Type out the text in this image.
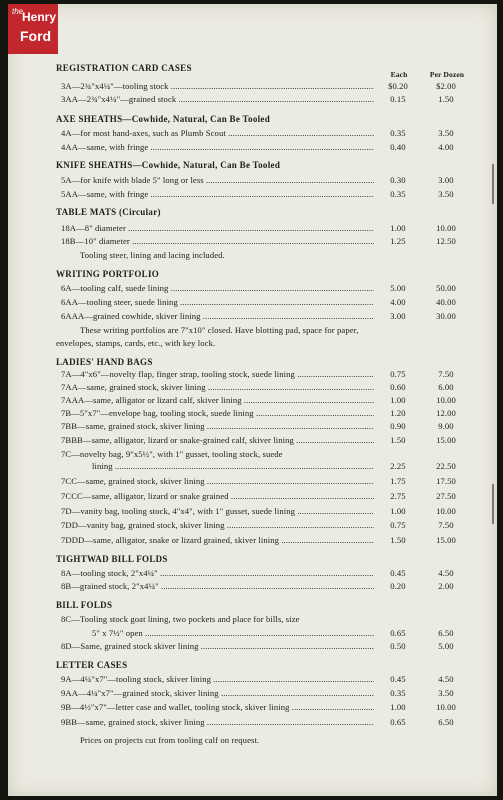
the
Henry
Ford
Each	Per Dozen
REGISTRATION CARD CASES
3A—2¾"x4¼"—tooling stock .....	$0.20	$2.00
3AA—2¾"x4¼"—grained stock .....	0.15	1.50
AXE SHEATHS—Cowhide, Natural, Can Be Tooled
4A—for most hand-axes, such as Plumb Scout .....	0.35	3.50
4AA—same, with fringe .....	0.40	4.00
KNIFE SHEATHS—Cowhide, Natural, Can Be Tooled
5A—for knife with blade 5" long or less .....	0.30	3.00
5AA—same, with fringe .....	0.35	3.50
TABLE MATS (Circular)
18A—8" diameter .....	1.00	10.00
18B—10" diameter .....	1.25	12.50
Tooling steer, lining and lacing included.
WRITING PORTFOLIO
6A—tooling calf, suede lining .....	5.00	50.00
6AA—tooling steer, suede lining .....	4.00	40.00
6AAA—grained cowhide, skiver lining .....	3.00	30.00
These writing portfolios are 7"x10" closed. Have blotting pad, space for paper,
envelopes, stamps, cards, etc., with key lock.
LADIES' HAND BAGS
7A—4"x6"—novelty flap, finger strap, tooling stock, suede lining .....	0.75	7.50
7AA—same, grained stock, skiver lining .....	0.60	6.00
7AAA—same, alligator or lizard calf, skiver lining .....	1.00	10.00
7B—5"x7"—envelope bag, tooling stock, suede lining .....	1.20	12.00
7BB—same, grained stock, skiver lining .....	0.90	9.00
7BBB—same, alligator, lizard or snake-grained calf, skiver lining .....	1.50	15.00
7C—novelty bag, 9"x5½", with 1" gusset, tooling stock, suede
lining .....	2.25	22.50
7CC—same, grained stock, skiver lining .....	1.75	17.50
7CCC—same, alligator, lizard or snake grained .....	2.75	27.50
7D—vanity bag, tooling stock, 4"x4", with 1" gusset, suede lining .....	1.00	10.00
7DD—vanity bag, grained stock, skiver lining .....	0.75	7.50
7DDD—same, alligator, snake or lizard grained, skiver lining .....	1.50	15.00
TIGHTWAD BILL FOLDS
8A—tooling stock, 2"x4¼" .....	0.45	4.50
8B—grained stock, 2"x4¼" .....	0.20	2.00
BILL FOLDS
8C—Tooling stock goat lining, two pockets and place for bills, size
5" x 7½" open .....	0.65	6.50
8D—Same, grained stock skiver lining .....	0.50	5.00
LETTER CASES
9A—4¼"x7"—tooling stock, skiver lining .....	0.45	4.50
9AA—4¼"x7"—grained stock, skiver lining .....	0.35	3.50
9B—4½"x7"—letter case and wallet, tooling stock, skiver lining .....	1.00	10.00
9BB—same, grained stock, skiver lining .....	0.65	6.50
Prices on projects cut from tooling calf on request.
